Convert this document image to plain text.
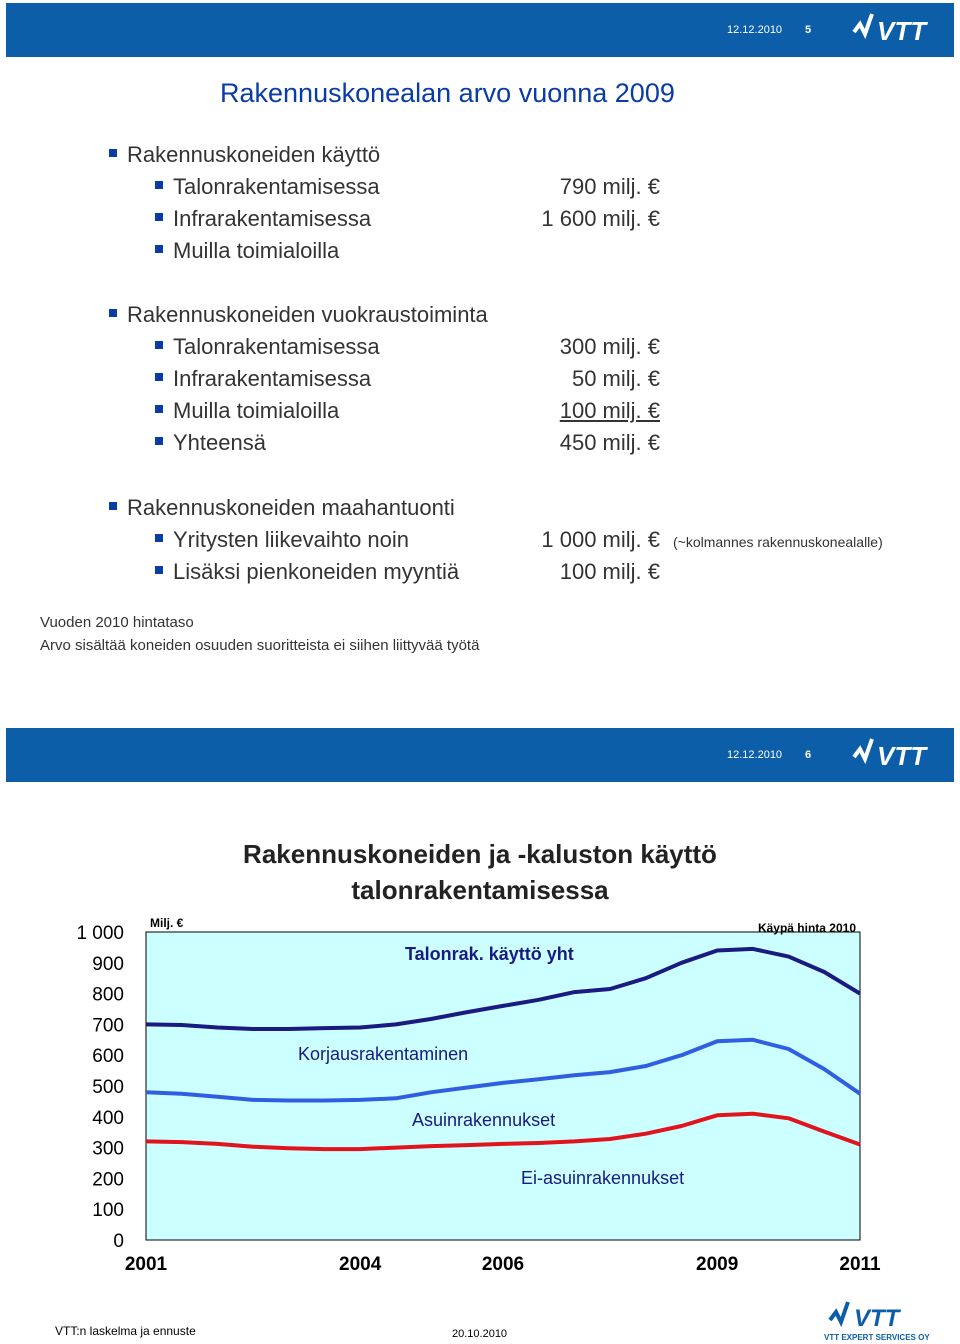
12.12.2010 5	VTT
Rakennuskonealan arvo vuonna 2009
Rakennuskoneiden käyttö
Talonrakentamisessa	790 milj. €
Infrarakentamisessa	1 600 milj. €
Muilla toimialoilla
Rakennuskoneiden vuokraustoiminta
Talonrakentamisessa	300 milj. €
Infrarakentamisessa	50 milj. €
Muilla toimialoilla	100 milj. €
Yhteensä	450 milj. €
Rakennuskoneiden maahantuonti
Yritysten liikevaihto noin	1 000 milj. € (~kolmannes rakennuskonealalle)
Lisäksi pienkoneiden myyntiä	100 milj. €
Vuoden 2010 hintataso
Arvo sisältää koneiden osuuden suoritteista ei siihen liittyvää työtä
12.12.2010 6	VTT
Rakennuskoneiden ja -kaluston käyttö
talonrakentamisessa
0
100
200
300
400
500
600
700
800
900
1 000
2001	2004	2006	2009	2011
Talonrak. käyttö yht
Korjausrakentaminen
Asuinrakennukset
Ei-asuinrakennukset
Milj. €	Käypä hinta 2010
VTT:n laskelma ja ennuste	20.10.2010
VTT
VTT EXPERT SERVICES OY
